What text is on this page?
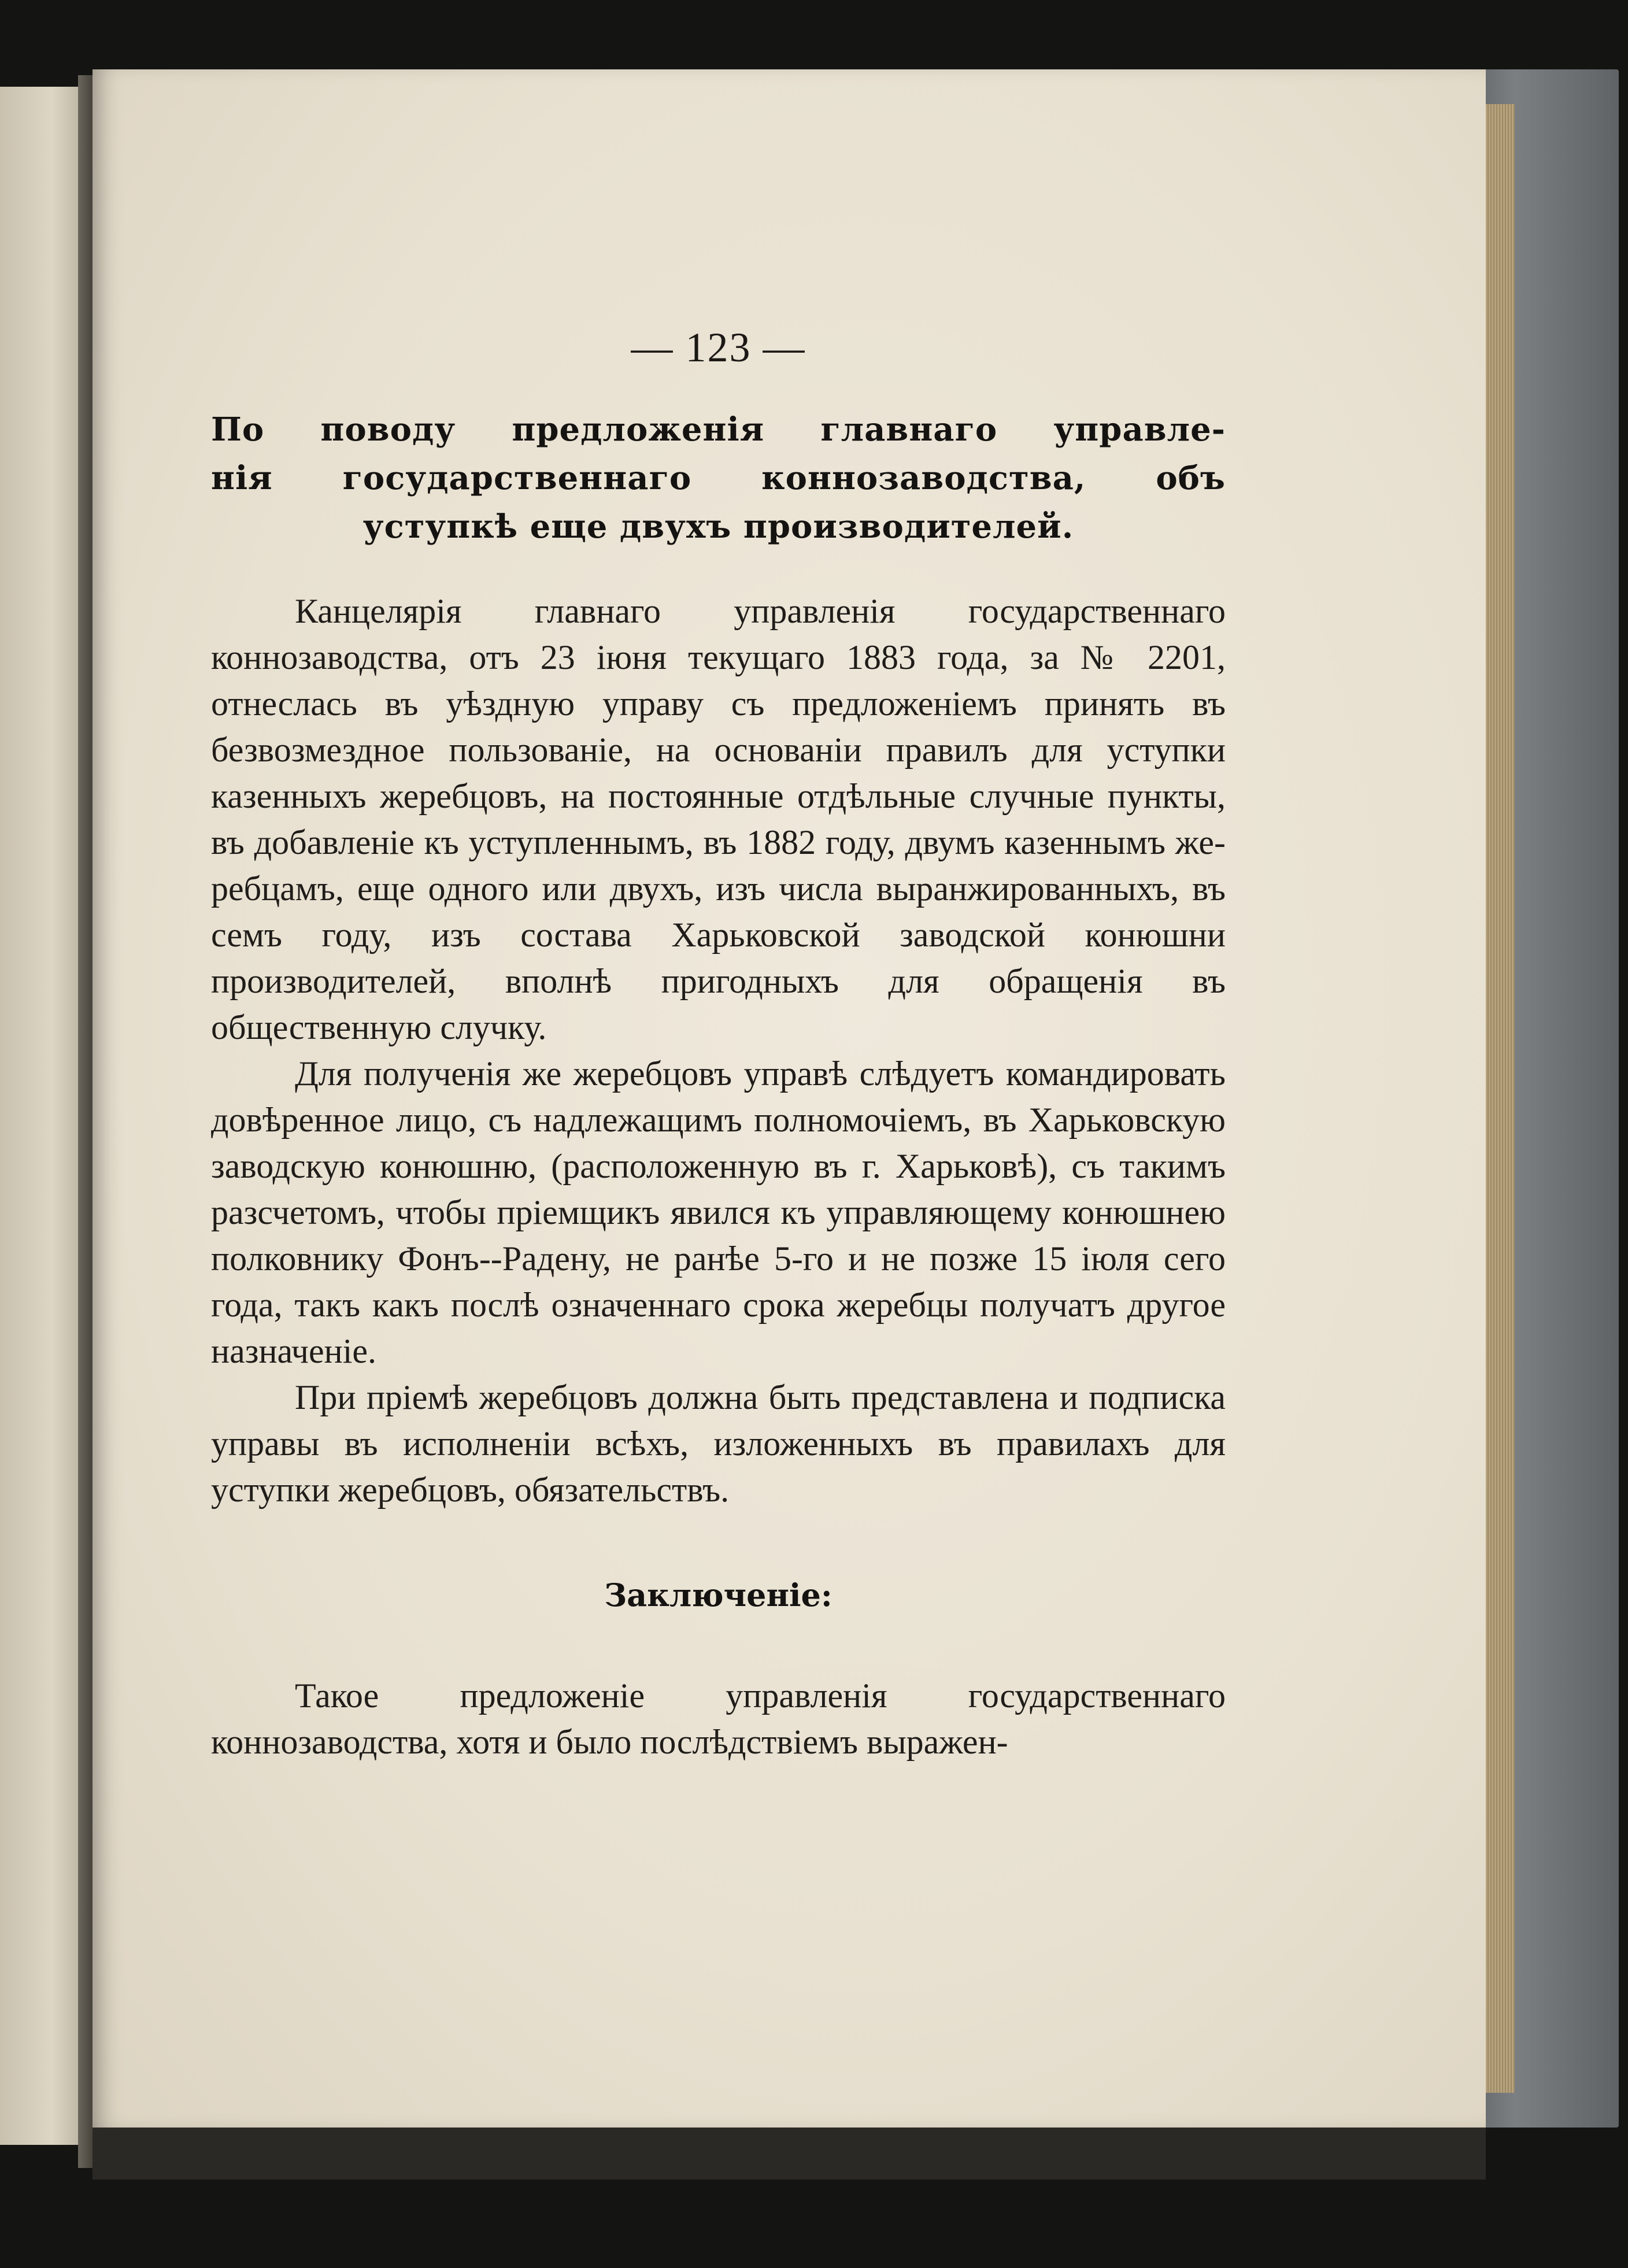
— 123 —

По поводу предложенія главнаго управле-

нія государственнаго коннозаводства, объ

уступкѣ еще двухъ производителей.

Канцелярія главнаго управленія государственнаго коннозаводства, отъ 23 іюня текущаго 1883 года, за № 2201, отнеслась въ уѣздную управу съ предложеніемъ принять въ безвозмездное пользованіе, на основаніи правилъ для уступки казенныхъ жеребцовъ, на постоянные отдѣльные случные пункты, въ добавленіе къ уступленнымъ, въ 1882 году, двумъ казеннымъ жеребцамъ, еще одного или двухъ, изъ числа выранжированныхъ, въ семъ году, изъ состава Харьковской заводской конюшни производителей, вполнѣ пригодныхъ для обращенія въ общественную случку.

Для полученія же жеребцовъ управѣ слѣдуетъ командировать довѣренное лицо, съ надлежащимъ полномочіемъ, въ Харьковскую заводскую конюшню, (расположенную въ г. Харьковѣ), съ такимъ разсчетомъ, чтобы пріемщикъ явился къ управляющему конюшнею полковнику Фонъ--Радену, не ранѣе 5-го и не позже 15 іюля сего года, такъ какъ послѣ означеннаго срока жеребцы получатъ другое назначеніе.

При пріемѣ жеребцовъ должна быть представлена и подписка управы въ исполненіи всѣхъ, изложенныхъ въ правилахъ для уступки жеребцовъ, обязательствъ.

Заключеніе:

Такое предложеніе управленія государственнаго коннозаводства, хотя и было послѣдствіемъ выражен-
